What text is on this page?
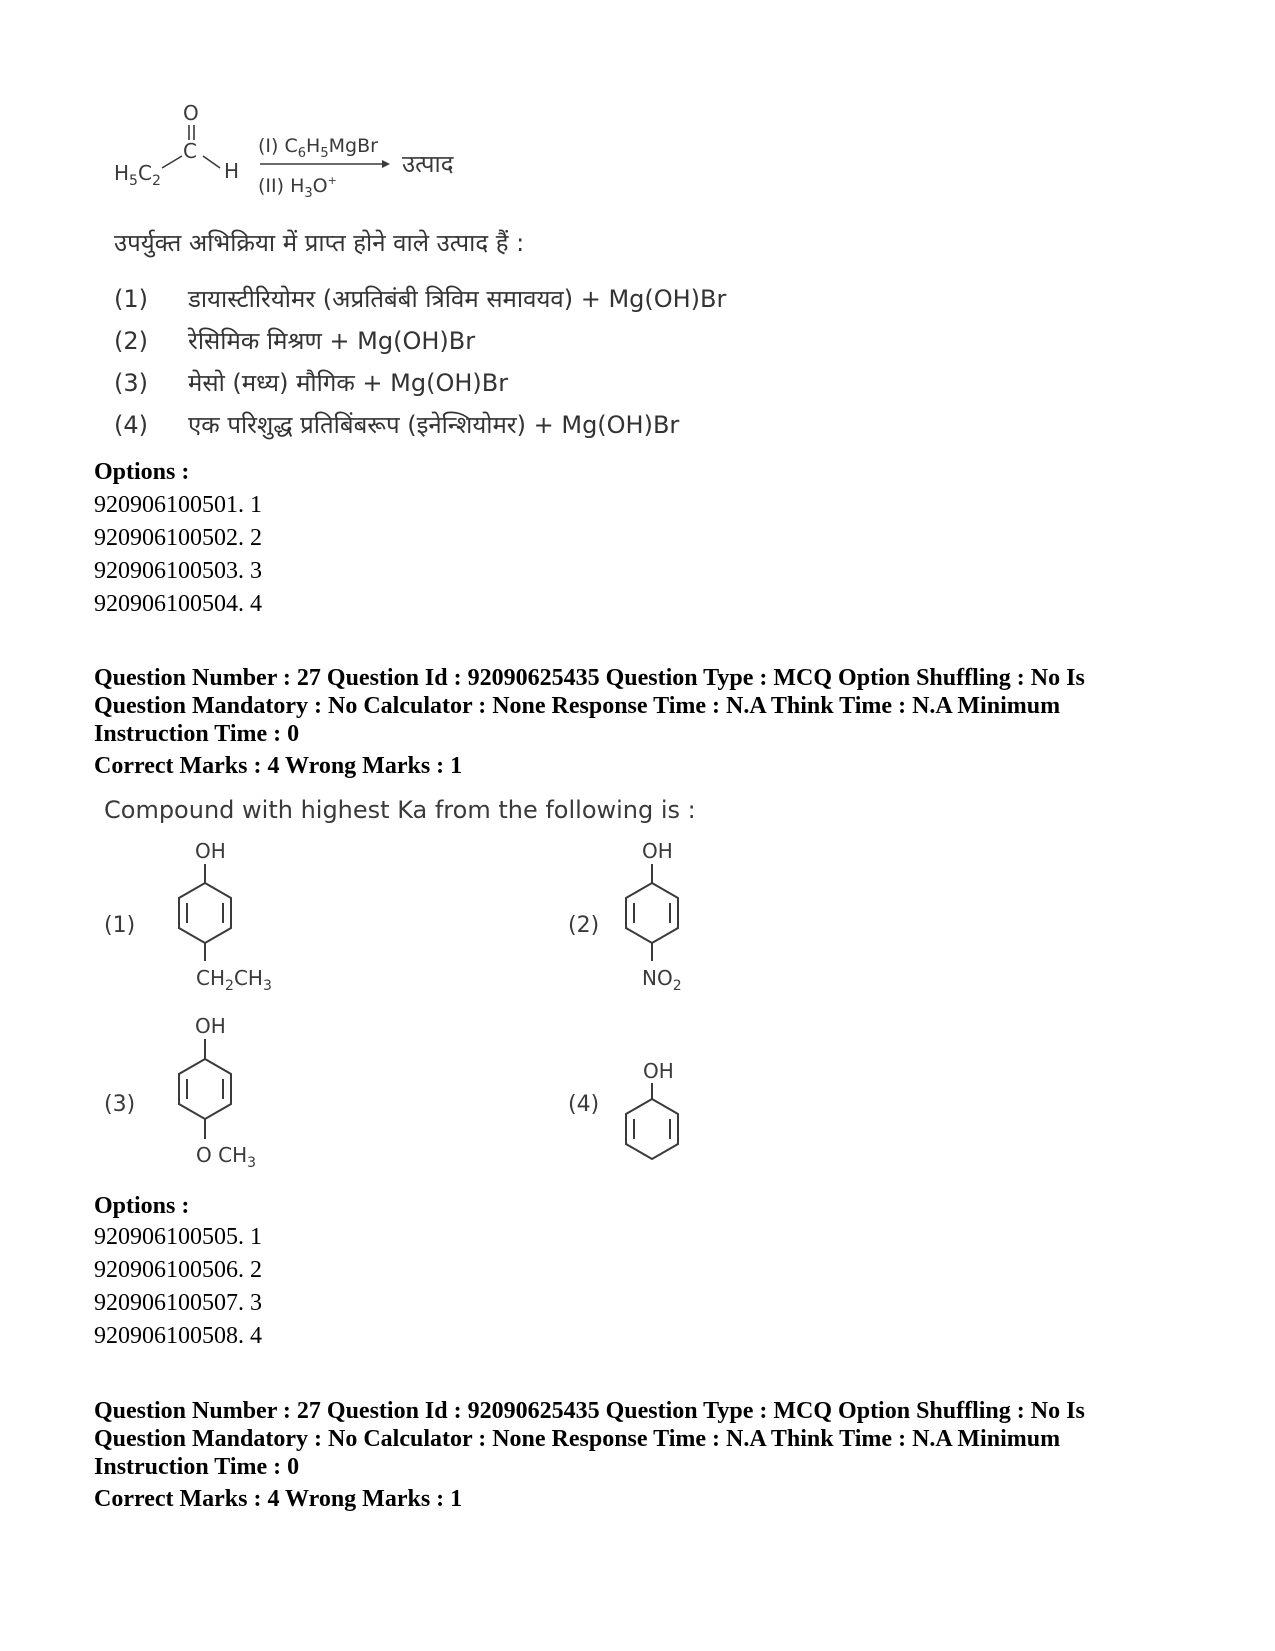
O
C
$H_5C_2$	H
(I) $C_6H_5MgBr$
(II) $H_3O^+$
उत्पाद
उपर्युक्त अभिक्रिया में प्राप्त होने वाले उत्पाद हैं :
(1) डायास्टीरियोमर (अप्रतिबंबी त्रिविम समावयव) + Mg(OH)Br
(2) रेसिमिक मिश्रण + Mg(OH)Br
(3) मेसो (मध्य) मौगिक + Mg(OH)Br
(4) एक परिशुद्ध प्रतिबिंबरूप (इनेन्शियोमर) + Mg(OH)Br
Options :
920906100501. 1
920906100502. 2
920906100503. 3
920906100504. 4
Question Number : 27 Question Id : 92090625435 Question Type : MCQ Option Shuffling : No Is
Question Mandatory : No Calculator : None Response Time : N.A Think Time : N.A Minimum
Instruction Time : 0
Correct Marks : 4 Wrong Marks : 1
Compound with highest Ka from the following is :
(1)
OH
$CH_2CH_3$
(2)
OH
$NO_2$
(3)
OH
O $CH_3$
(4)
OH
Options :
920906100505. 1
920906100506. 2
920906100507. 3
920906100508. 4
Question Number : 27 Question Id : 92090625435 Question Type : MCQ Option Shuffling : No Is
Question Mandatory : No Calculator : None Response Time : N.A Think Time : N.A Minimum
Instruction Time : 0
Correct Marks : 4 Wrong Marks : 1
